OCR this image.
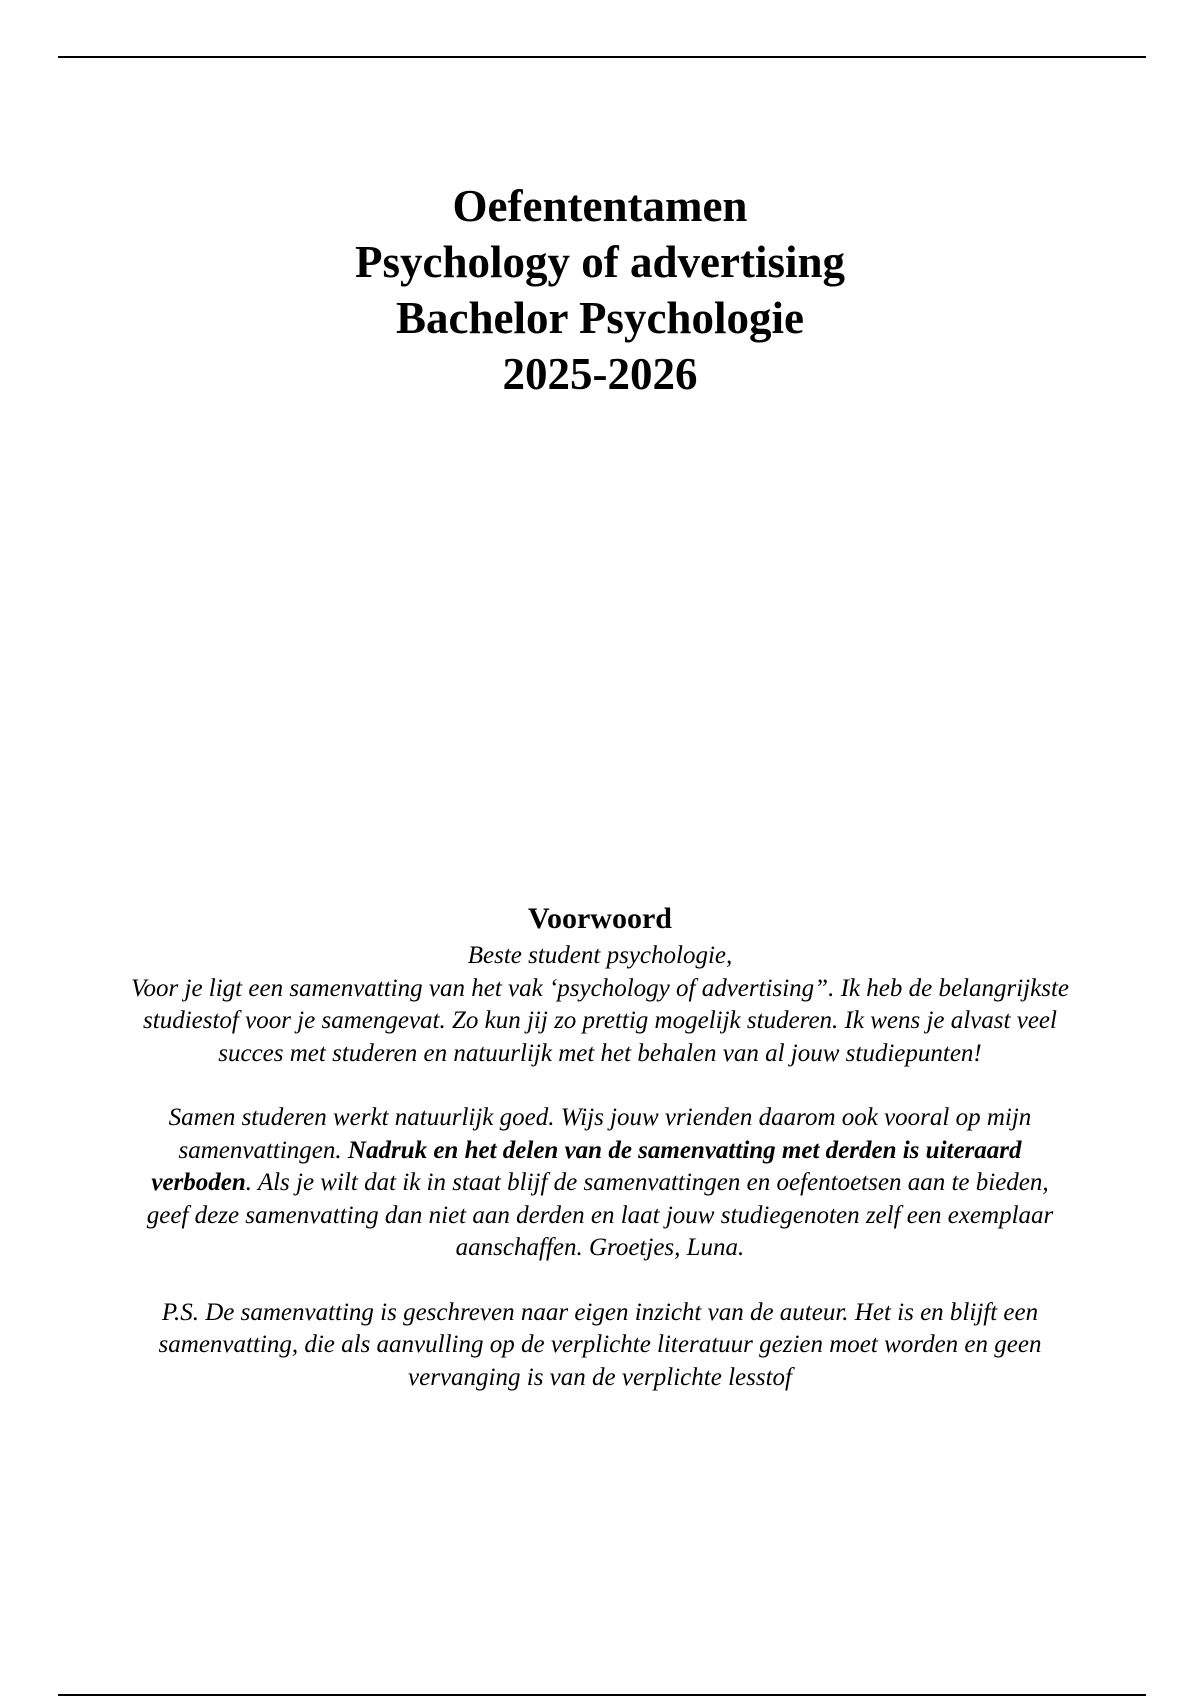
Oefententamen
Psychology of advertising
Bachelor Psychologie
2025-2026
Voorwoord

Beste student psychologie,

Voor je ligt een samenvatting van het vak ‘psychology of advertising”. Ik heb de belangrijkste studiestof voor je samengevat. Zo kun jij zo prettig mogelijk studeren. Ik wens je alvast veel succes met studeren en natuurlijk met het behalen van al jouw studiepunten!

Samen studeren werkt natuurlijk goed. Wijs jouw vrienden daarom ook vooral op mijn samenvattingen. Nadruk en het delen van de samenvatting met derden is uiteraard verboden. Als je wilt dat ik in staat blijf de samenvattingen en oefentoetsen aan te bieden, geef deze samenvatting dan niet aan derden en laat jouw studiegenoten zelf een exemplaar aanschaffen. Groetjes, Luna.

P.S. De samenvatting is geschreven naar eigen inzicht van de auteur. Het is en blijft een samenvatting, die als aanvulling op de verplichte literatuur gezien moet worden en geen vervanging is van de verplichte lesstof
